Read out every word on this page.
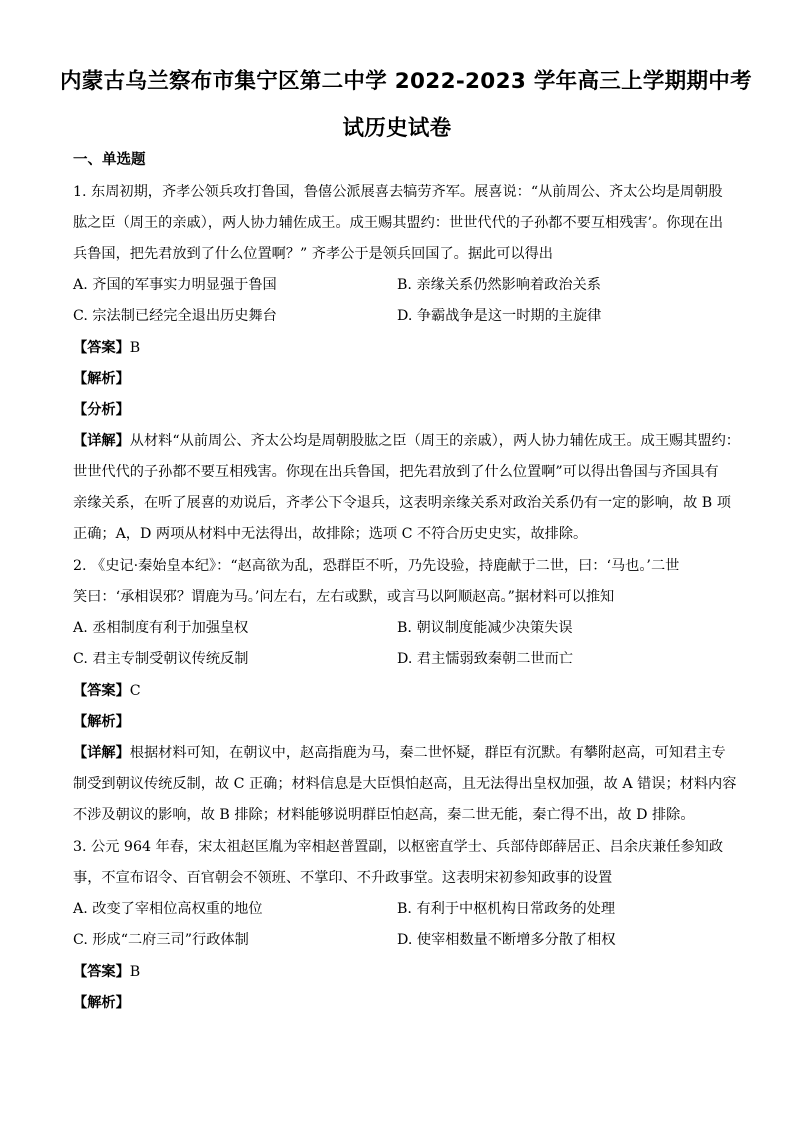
内蒙古乌兰察布市集宁区第二中学 2022-2023 学年高三上学期期中考
试历史试卷
一、单选题
1. 东周初期，齐孝公领兵攻打鲁国，鲁僖公派展喜去犒劳齐军。展喜说：“从前周公、齐太公均是周朝股
肱之臣（周王的亲戚），两人协力辅佐成王。成王赐其盟约：世世代代的子孙都不要互相残害’。你现在出
兵鲁国，把先君放到了什么位置啊？” 齐孝公于是领兵回国了。据此可以得出
A. 齐国的军事实力明显强于鲁国	B. 亲缘关系仍然影响着政治关系
C. 宗法制已经完全退出历史舞台	D. 争霸战争是这一时期的主旋律
【答案】B
【解析】
【分析】
【详解】从材料“从前周公、齐太公均是周朝股肱之臣（周王的亲戚），两人协力辅佐成王。成王赐其盟约：
世世代代的子孙都不要互相残害。你现在出兵鲁国，把先君放到了什么位置啊”可以得出鲁国与齐国具有
亲缘关系，在听了展喜的劝说后，齐孝公下令退兵，这表明亲缘关系对政治关系仍有一定的影响，故 B 项
正确；A，D 两项从材料中无法得出，故排除；选项 C 不符合历史史实，故排除。
2. 《史记·秦始皇本纪》：“赵高欲为乱，恐群臣不听，乃先设验，持鹿献于二世，曰：‘马也。’二世
笑曰：‘承相误邪？谓鹿为马。’问左右，左右或默，或言马以阿顺赵高。”据材料可以推知
A. 丞相制度有利于加强皇权	B. 朝议制度能减少决策失误
C. 君主专制受朝议传统反制	D. 君主懦弱致秦朝二世而亡
【答案】C
【解析】
【详解】根据材料可知，在朝议中，赵高指鹿为马，秦二世怀疑，群臣有沉默。有攀附赵高，可知君主专
制受到朝议传统反制，故 C 正确；材料信息是大臣惧怕赵高，且无法得出皇权加强，故 A 错误；材料内容
不涉及朝议的影响，故 B 排除；材料能够说明群臣怕赵高，秦二世无能，秦亡得不出，故 D 排除。
3. 公元 964 年春，宋太祖赵匡胤为宰相赵普置副，以枢密直学士、兵部侍郎薛居正、吕余庆兼任参知政
事，不宣布诏令、百官朝会不领班、不掌印、不升政事堂。这表明宋初参知政事的设置
A. 改变了宰相位高权重的地位	B. 有利于中枢机构日常政务的处理
C. 形成“二府三司”行政体制	D. 使宰相数量不断增多分散了相权
【答案】B
【解析】
